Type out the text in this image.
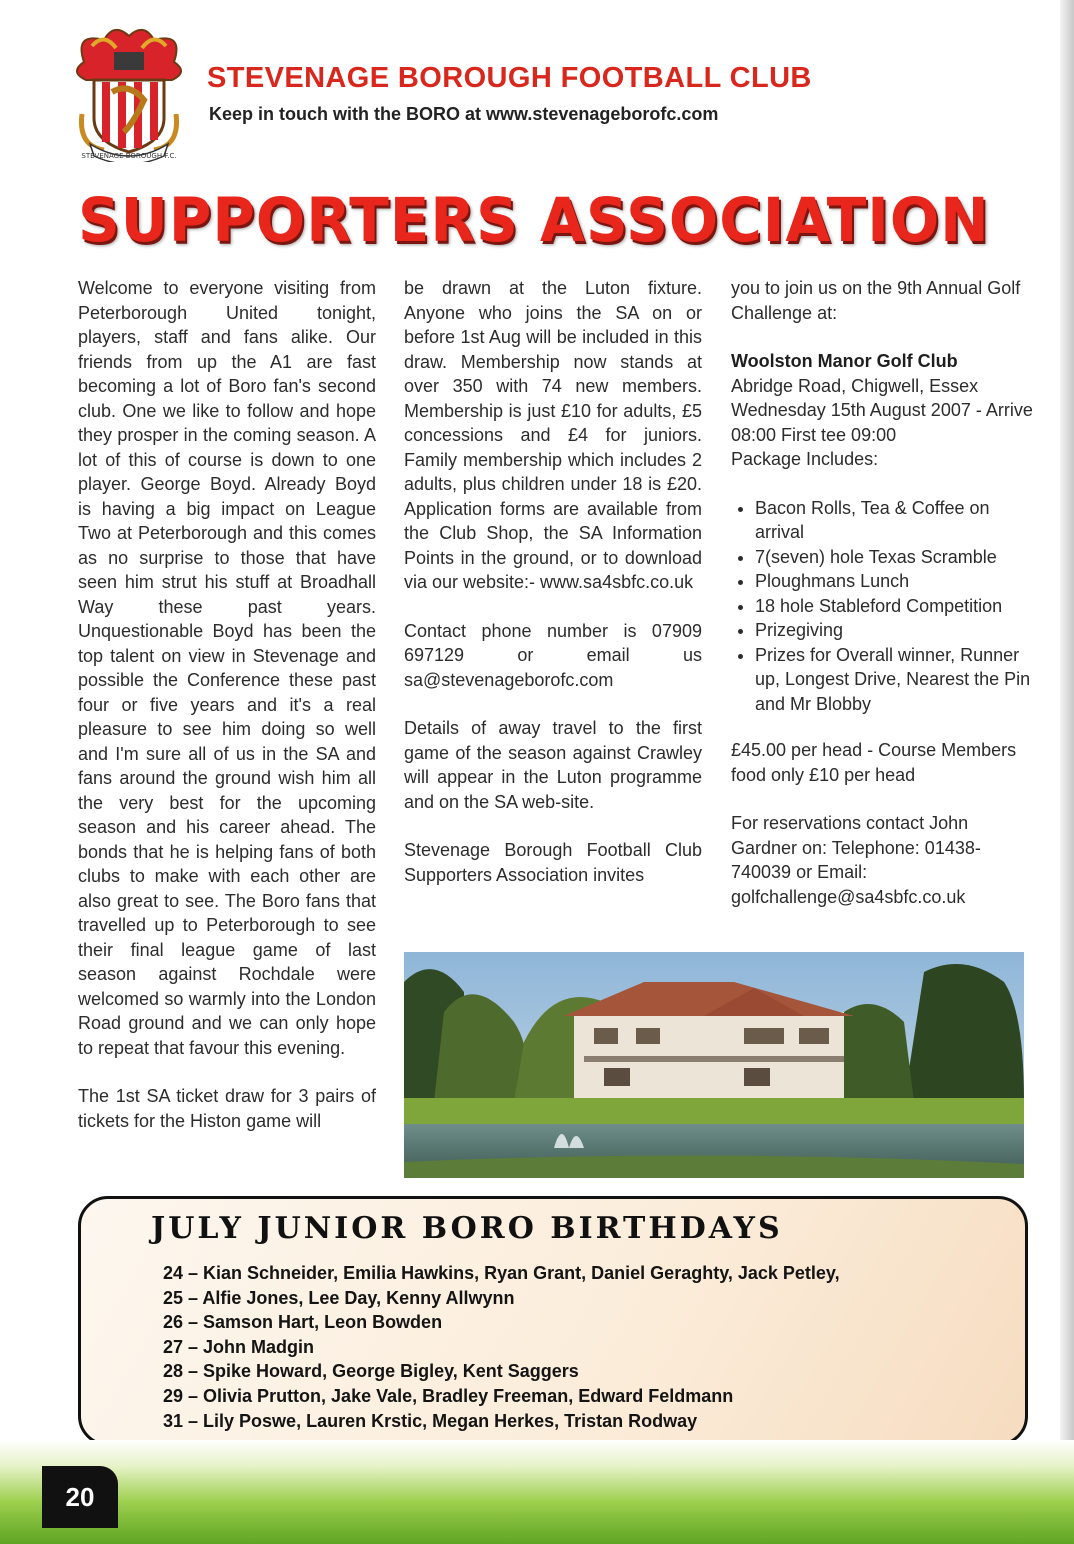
STEVENAGE BOROUGH F.C.
STEVENAGE BOROUGH FOOTBALL CLUB

Keep in touch with the BORO at www.stevenageborofc.com

SUPPORTERS ASSOCIATION

Welcome to everyone visiting from Peterborough United tonight, players, staff and fans alike. Our friends from up the A1 are fast becoming a lot of Boro fan's second club. One we like to follow and hope they prosper in the coming season. A lot of this of course is down to one player. George Boyd. Already Boyd is having a big impact on League Two at Peterborough and this comes as no surprise to those that have seen him strut his stuff at Broadhall Way these past years. Unquestionable Boyd has been the top talent on view in Stevenage and possible the Conference these past four or five years and it's a real pleasure to see him doing so well and I'm sure all of us in the SA and fans around the ground wish him all the very best for the upcoming season and his career ahead. The bonds that he is helping fans of both clubs to make with each other are also great to see. The Boro fans that travelled up to Peterborough to see their final league game of last season against Rochdale were welcomed so warmly into the London Road ground and we can only hope to repeat that favour this evening.

The 1st SA ticket draw for 3 pairs of tickets for the Histon game will

be drawn at the Luton fixture. Anyone who joins the SA on or before 1st Aug will be included in this draw. Membership now stands at over 350 with 74 new members. Membership is just £10 for adults, £5 concessions and £4 for juniors. Family membership which includes 2 adults, plus children under 18 is £20. Application forms are available from the Club Shop, the SA Information Points in the ground, or to download via our website:- www.sa4sbfc.co.uk

Contact phone number is 07909 697129 or email us sa@stevenageborofc.com

Details of away travel to the first game of the season against Crawley will appear in the Luton programme and on the SA web-site.

Stevenage Borough Football Club Supporters Association invites

you to join us on the 9th Annual Golf Challenge at:

Woolston Manor Golf Club
Abridge Road, Chigwell, Essex
Wednesday 15th August 2007 - Arrive 08:00 First tee 09:00

Package Includes:

• Bacon Rolls, Tea & Coffee on arrival
• 7(seven) hole Texas Scramble
• Ploughmans Lunch
• 18 hole Stableford Competition
• Prizegiving
• Prizes for Overall winner, Runner up, Longest Drive, Nearest the Pin and Mr Blobby

£45.00 per head - Course Members food only £10 per head

For reservations contact John Gardner on: Telephone: 01438-740039 or Email: golfchallenge@sa4sbfc.co.uk

JULY JUNIOR BORO BIRTHDAYS
24 – Kian Schneider, Emilia Hawkins, Ryan Grant, Daniel Geraghty, Jack Petley,
25 – Alfie Jones, Lee Day, Kenny Allwynn
26 – Samson Hart, Leon Bowden
27 – John Madgin
28 – Spike Howard, George Bigley, Kent Saggers
29 – Olivia Prutton, Jake Vale, Bradley Freeman, Edward Feldmann
31 – Lily Poswe, Lauren Krstic, Megan Herkes, Tristan Rodway
20
